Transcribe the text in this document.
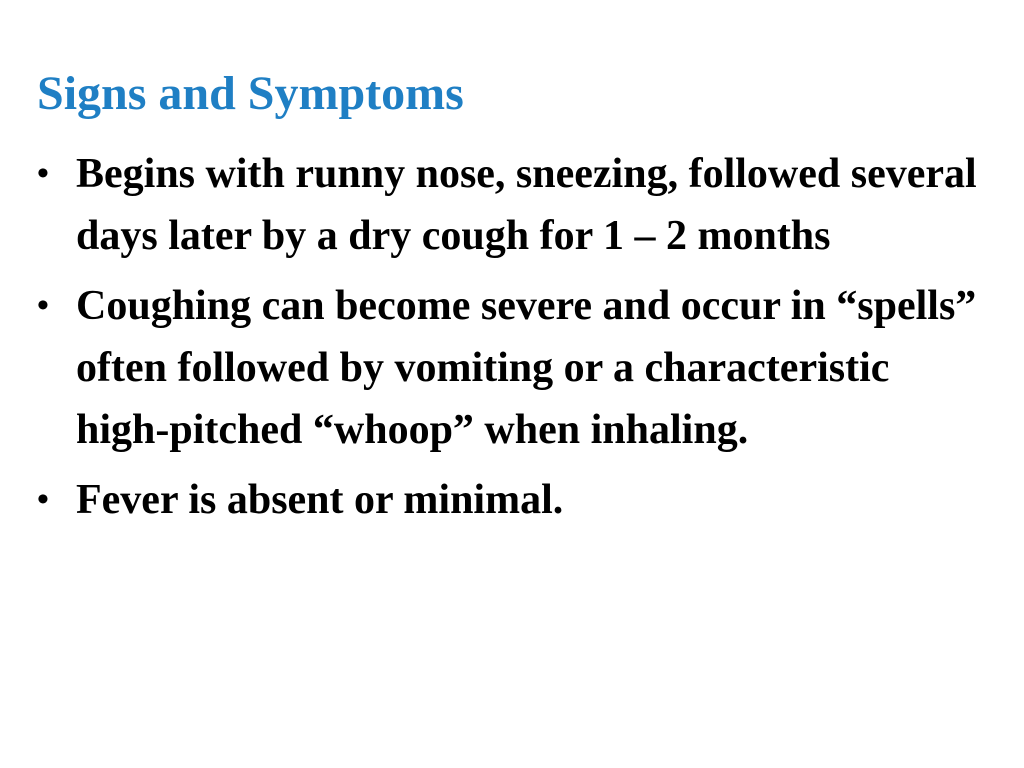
Signs and Symptoms
• Begins with runny nose, sneezing, followed several days later by a dry cough for 1 – 2 months
• Coughing can become severe and occur in “spells” often followed by vomiting or a characteristic high-pitched “whoop” when inhaling.
• Fever is absent or minimal.
